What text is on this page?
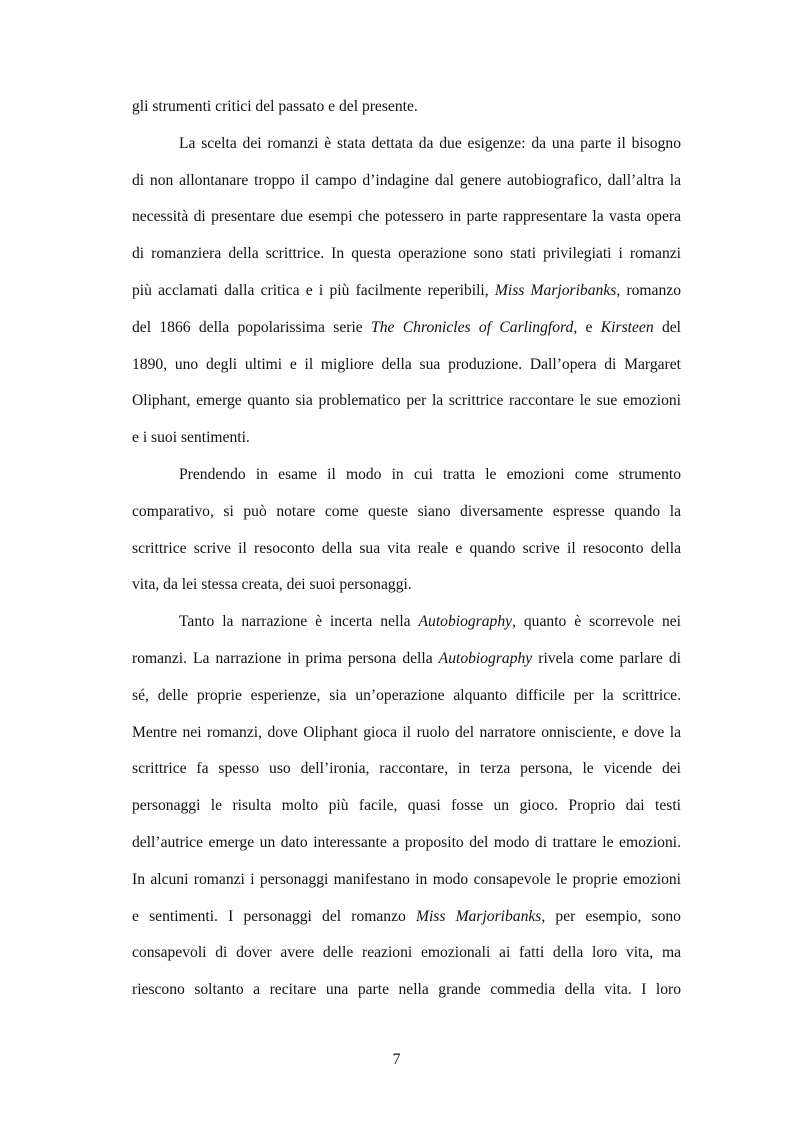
gli strumenti critici del passato e del presente.
La scelta dei romanzi è stata dettata da due esigenze: da una parte il bisogno
di non allontanare troppo il campo d’indagine dal genere autobiografico, dall’altra la
necessità di presentare due esempi che potessero in parte rappresentare la vasta opera
di romanziera della scrittrice. In questa operazione sono stati privilegiati i romanzi
più acclamati dalla critica e i più facilmente reperibili, Miss Marjoribanks, romanzo
del 1866 della popolarissima serie The Chronicles of Carlingford, e Kirsteen del
1890, uno degli ultimi e il migliore della sua produzione. Dall’opera di Margaret
Oliphant, emerge quanto sia problematico per la scrittrice raccontare le sue emozioni
e i suoi sentimenti.
Prendendo in esame il modo in cui tratta le emozioni come strumento
comparativo, si può notare come queste siano diversamente espresse quando la
scrittrice scrive il resoconto della sua vita reale e quando scrive il resoconto della
vita, da lei stessa creata, dei suoi personaggi.
Tanto la narrazione è incerta nella Autobiography, quanto è scorrevole nei
romanzi. La narrazione in prima persona della Autobiography rivela come parlare di
sé, delle proprie esperienze, sia un’operazione alquanto difficile per la scrittrice.
Mentre nei romanzi, dove Oliphant gioca il ruolo del narratore onnisciente, e dove la
scrittrice fa spesso uso dell’ironia, raccontare, in terza persona, le vicende dei
personaggi le risulta molto più facile, quasi fosse un gioco. Proprio dai testi
dell’autrice emerge un dato interessante a proposito del modo di trattare le emozioni.
In alcuni romanzi i personaggi manifestano in modo consapevole le proprie emozioni
e sentimenti. I personaggi del romanzo Miss Marjoribanks, per esempio, sono
consapevoli di dover avere delle reazioni emozionali ai fatti della loro vita, ma
riescono soltanto a recitare una parte nella grande commedia della vita. I loro
7
